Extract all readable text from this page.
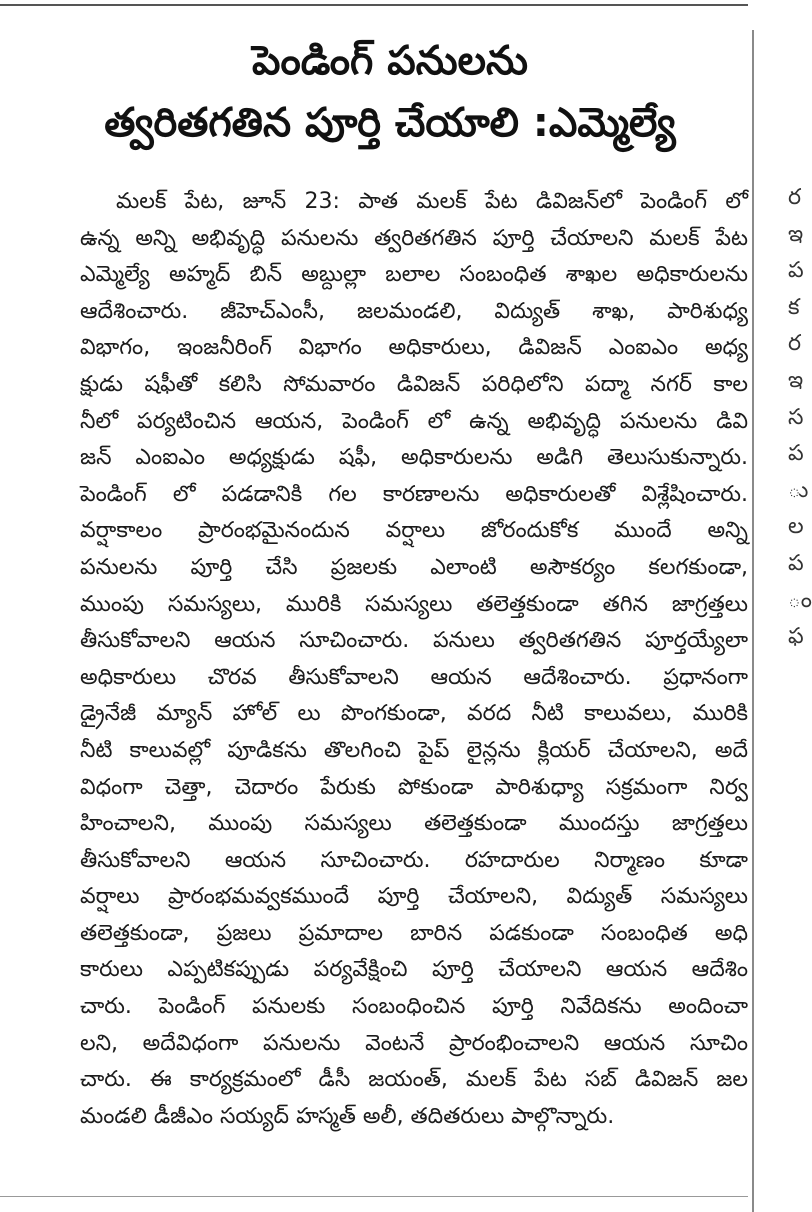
పెండింగ్ పనులను
త్వరితగతిన పూర్తి చేయాలి :ఎమ్మెల్యే
మలక్ పేట, జూన్ 23: పాత మలక్ పేట డివిజన్‌లో పెండింగ్ లో
ఉన్న అన్ని అభివృద్ధి పనులను త్వరితగతిన పూర్తి చేయాలని మలక్ పేట
ఎమ్మెల్యే అహ్మద్ బిన్ అబ్దుల్లా బలాల సంబంధిత శాఖల అధికారులను
ఆదేశించారు. జీహెచ్‌ఎంసీ, జలమండలి, విద్యుత్ శాఖ, పారిశుధ్య
విభాగం, ఇంజనీరింగ్ విభాగం అధికారులు, డివిజన్ ఎంఐఎం అధ్య
క్షుడు షఫీతో కలిసి సోమవారం డివిజన్ పరిధిలోని పద్మా నగర్ కాల
నీలో పర్యటించిన ఆయన, పెండింగ్ లో ఉన్న అభివృద్ధి పనులను డివి
జన్ ఎంఐఎం అధ్యక్షుడు షఫీ, అధికారులను అడిగి తెలుసుకున్నారు.
పెండింగ్ లో పడడానికి గల కారణాలను అధికారులతో విశ్లేషించారు.
వర్షాకాలం ప్రారంభమైనందున వర్షాలు జోరందుకోక ముందే అన్ని
పనులను పూర్తి చేసి ప్రజలకు ఎలాంటి అసౌకర్యం కలగకుండా,
ముంపు సమస్యలు, మురికి సమస్యలు తలెత్తకుండా తగిన జాగ్రత్తలు
తీసుకోవాలని ఆయన సూచించారు. పనులు త్వరితగతిన పూర్తయ్యేలా
అధికారులు చొరవ తీసుకోవాలని ఆయన ఆదేశించారు. ప్రధానంగా
డ్రైనేజీ మ్యాన్ హోల్ లు పొంగకుండా, వరద నీటి కాలువలు, మురికి
నీటి కాలువల్లో పూడికను తొలగించి పైప్ లైన్లను క్లియర్ చేయాలని, అదే
విధంగా చెత్తా, చెదారం పేరుకు పోకుండా పారిశుధ్యా సక్రమంగా నిర్వ
హించాలని, ముంపు సమస్యలు తలెత్తకుండా ముందస్తు జాగ్రత్తలు
తీసుకోవాలని ఆయన సూచించారు. రహదారుల నిర్మాణం కూడా
వర్షాలు ప్రారంభమవ్వకముందే పూర్తి చేయాలని, విద్యుత్ సమస్యలు
తలెత్తకుండా, ప్రజలు ప్రమాదాల బారిన పడకుండా సంబంధిత అధి
కారులు ఎప్పటికప్పుడు పర్యవేక్షించి పూర్తి చేయాలని ఆయన ఆదేశిం
చారు. పెండింగ్ పనులకు సంబంధించిన పూర్తి నివేదికను అందించా
లని, అదేవిధంగా పనులను వెంటనే ప్రారంభించాలని ఆయన సూచిం
చారు. ఈ కార్యక్రమంలో డీసీ జయంత్, మలక్ పేట సబ్ డివిజన్ జల
మండలి డీజీఎం సయ్యద్ హస్మత్ అలీ, తదితరులు పాల్గొన్నారు.
ర
ఇ
ప
క
ర
ఇ
స
ప
ు
ల
ప
ం
ఫ
